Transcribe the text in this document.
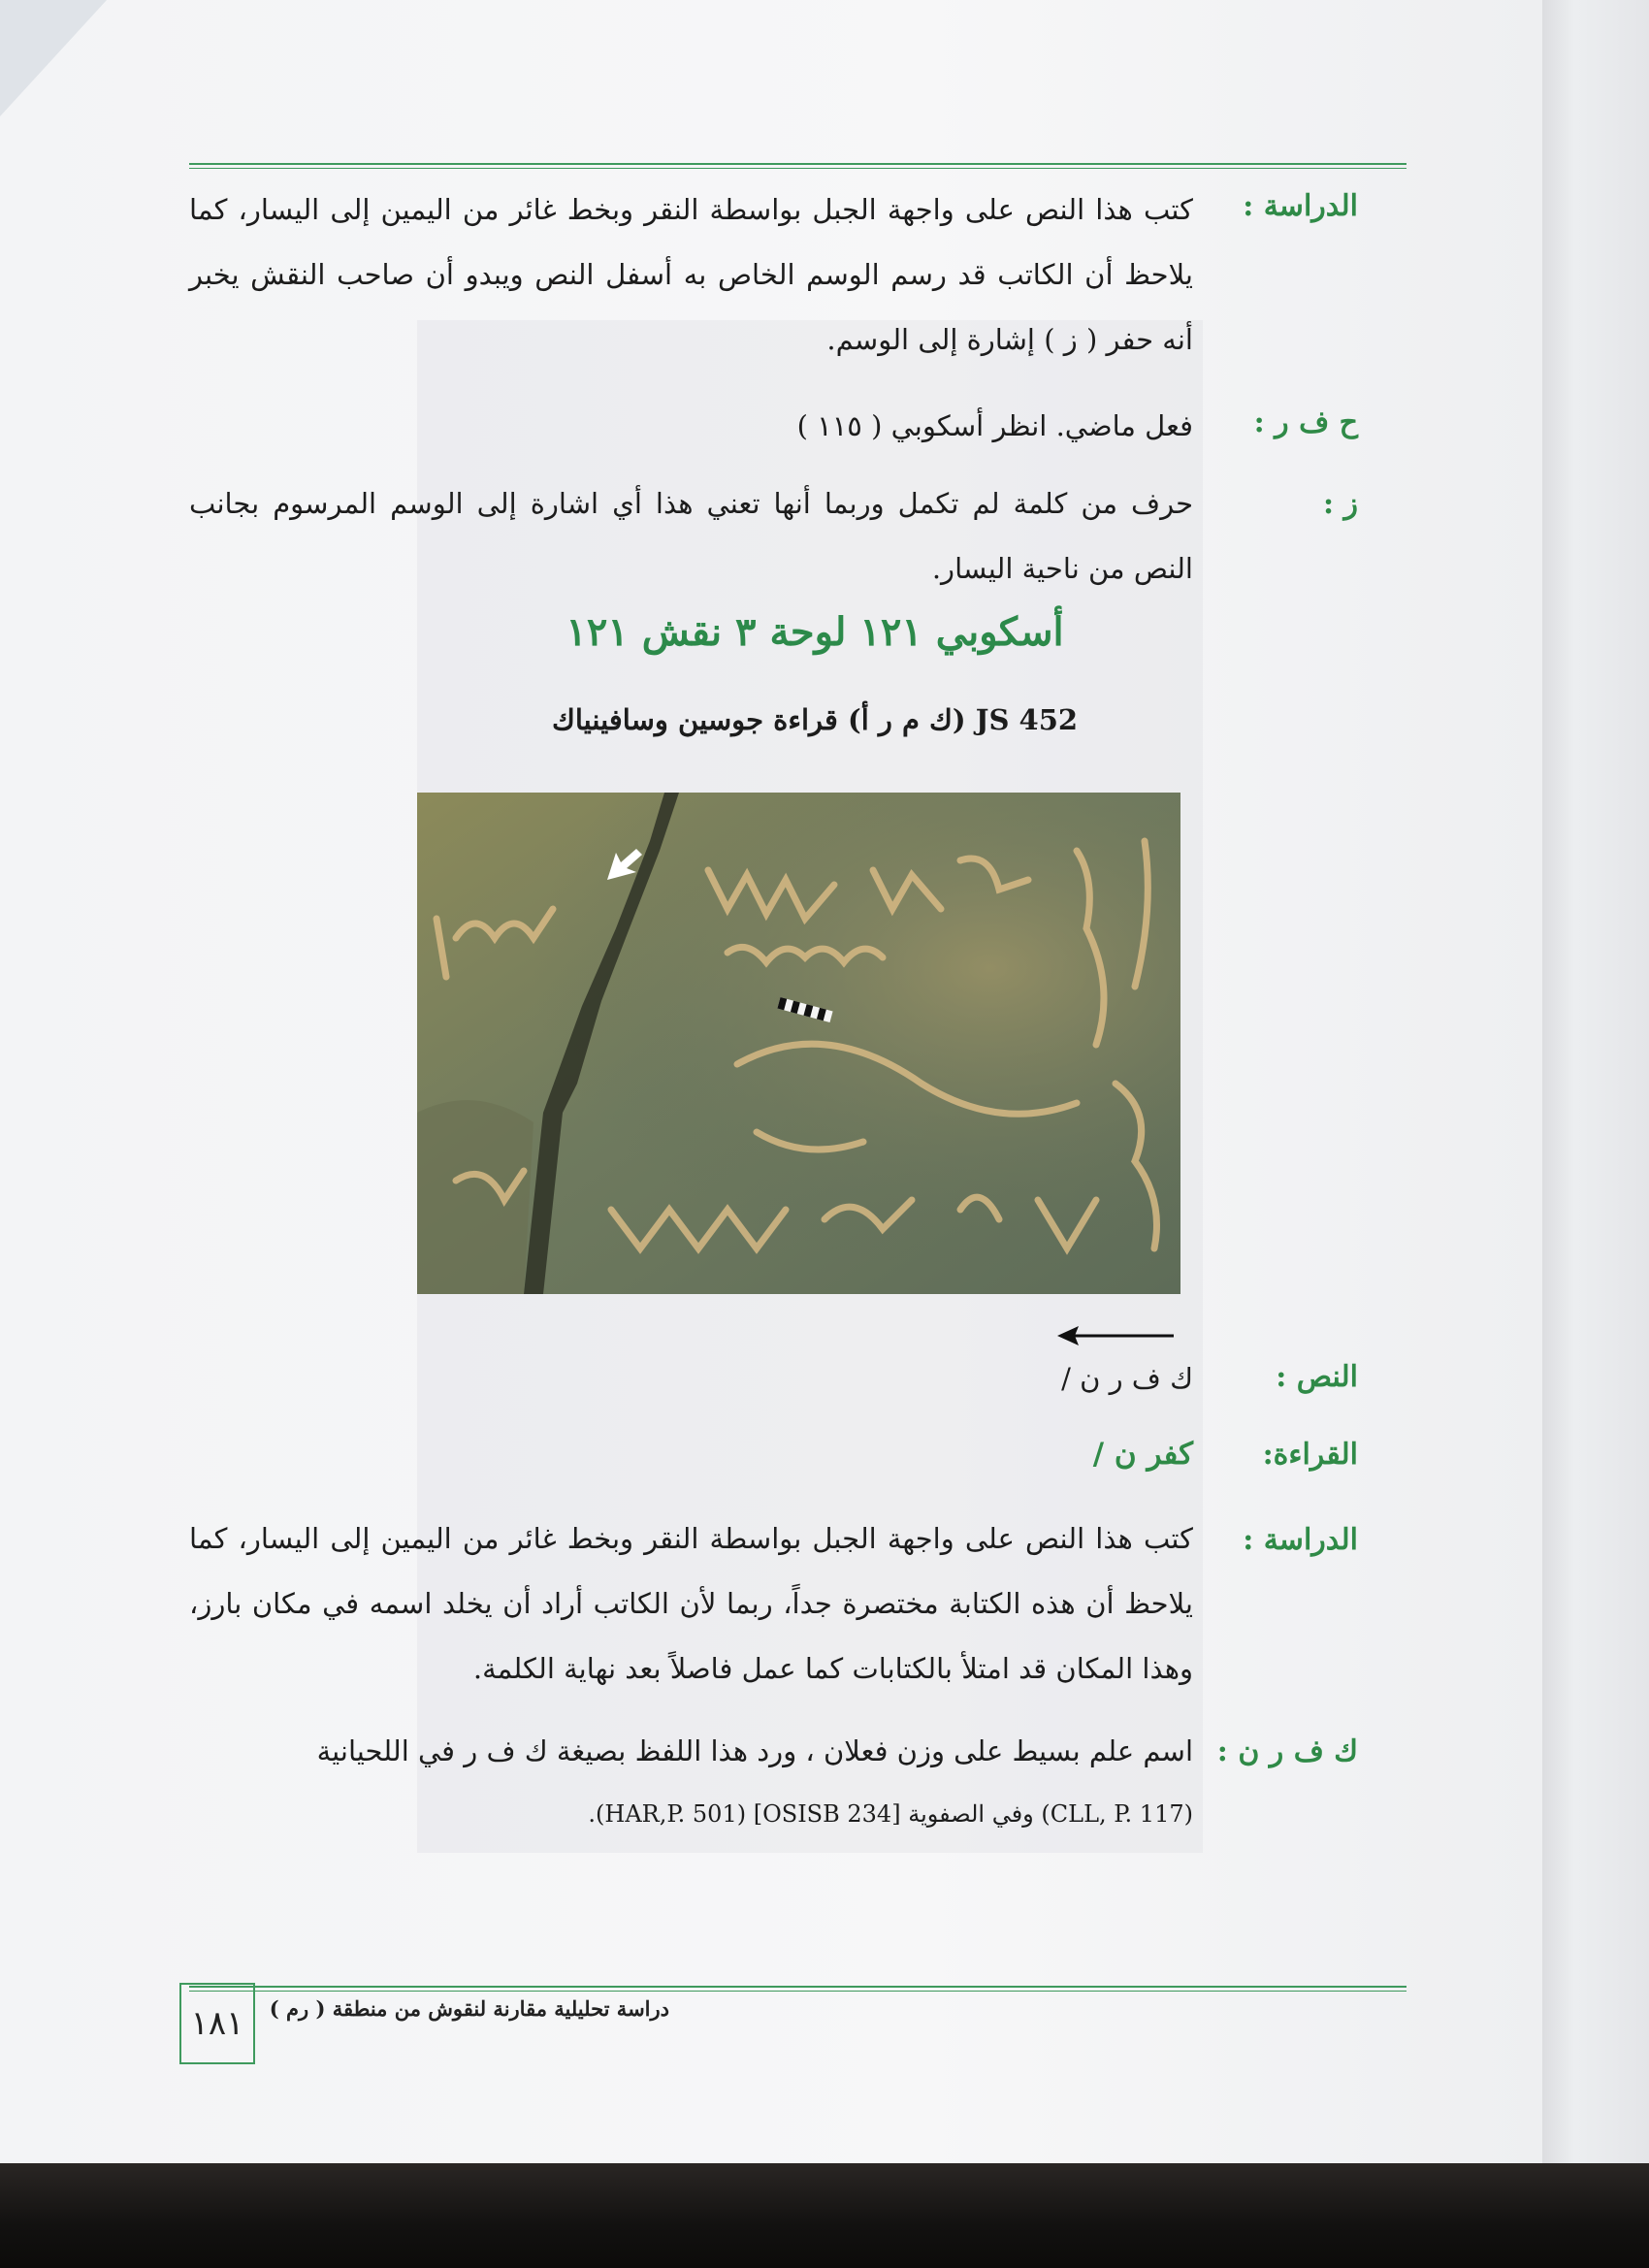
الدراسة :
كتب هذا النص على واجهة الجبل بواسطة النقر وبخط غائر من اليمين إلى اليسار، كما يلاحظ أن الكاتب قد رسم الوسم الخاص به أسفل النص ويبدو أن صاحب النقش يخبر أنه حفر ( ز ) إشارة إلى الوسم.
ح ف ر :
فعل ماضي. انظر أسكوبي ( ١١٥ )
ز :
حرف من كلمة لم تكمل وربما أنها تعني هذا أي اشارة إلى الوسم المرسوم بجانب النص من ناحية اليسار.
أسكوبي ١٢١ لوحة ٣ نقش ١٢١
JS 452 (ك م ر أ) قراءة جوسين وسافينياك
النص :
ك ف ر ن /
القراءة:
كفر ن /
الدراسة :
كتب هذا النص على واجهة الجبل بواسطة النقر وبخط غائر من اليمين إلى اليسار، كما يلاحظ أن هذه الكتابة مختصرة جداً، ربما لأن الكاتب أراد أن يخلد اسمه في مكان بارز، وهذا المكان قد امتلأ بالكتابات كما عمل فاصلاً بعد نهاية الكلمة.
ك ف ر ن :
اسم علم بسيط على وزن فعلان ، ورد هذا اللفظ بصيغة ك ف ر في اللحيانية
(CLL, P. 117) وفي الصفوية [OSISB 234] (HAR,P. 501).
دراسة تحليلية مقارنة لنقوش من منطقة ( رم )
١٨١
